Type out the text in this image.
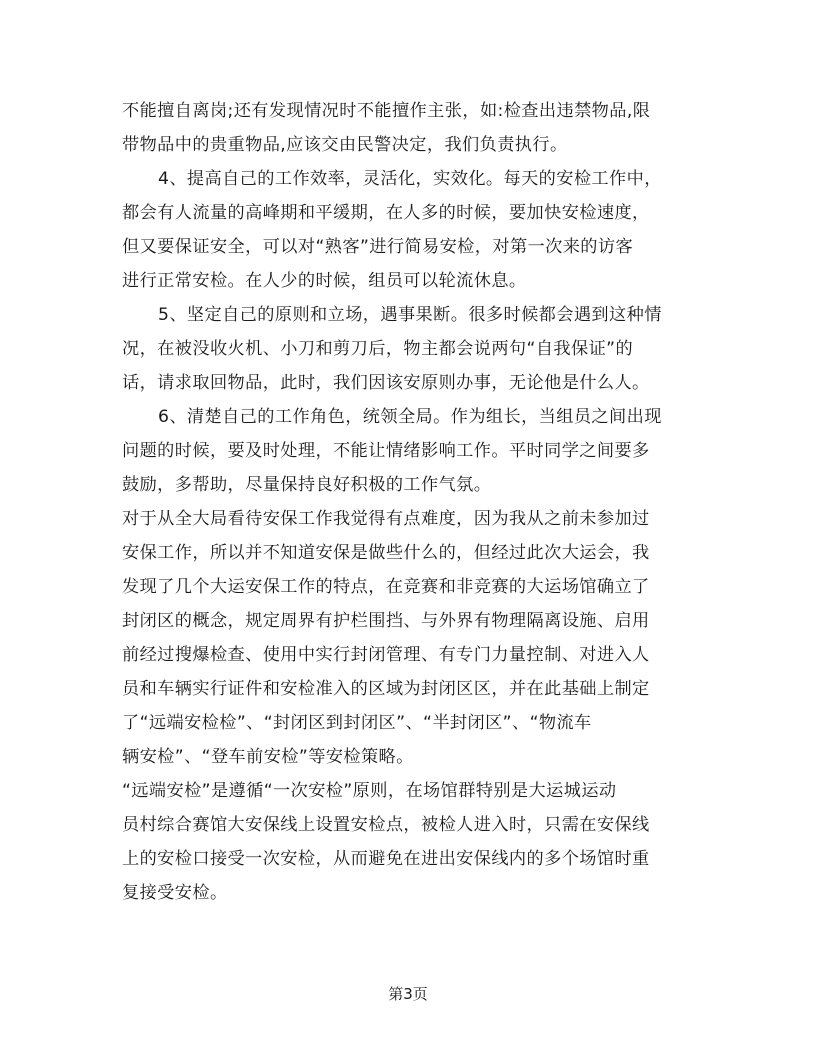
不能擅自离岗;还有发现情况时不能擅作主张，如:检查出违禁物品,限
带物品中的贵重物品,应该交由民警决定，我们负责执行。
4、提高自己的工作效率，灵活化，实效化。每天的安检工作中，
都会有人流量的高峰期和平缓期，在人多的时候，要加快安检速度，
但又要保证安全，可以对“熟客”进行简易安检，对第一次来的访客
进行正常安检。在人少的时候，组员可以轮流休息。
5、坚定自己的原则和立场，遇事果断。很多时候都会遇到这种情
况，在被没收火机、小刀和剪刀后，物主都会说两句“自我保证”的
话，请求取回物品，此时，我们因该安原则办事，无论他是什么人。
6、清楚自己的工作角色，统领全局。作为组长，当组员之间出现
问题的时候，要及时处理，不能让情绪影响工作。平时同学之间要多
鼓励，多帮助，尽量保持良好积极的工作气氛。
对于从全大局看待安保工作我觉得有点难度，因为我从之前未参加过
安保工作，所以并不知道安保是做些什么的，但经过此次大运会，我
发现了几个大运安保工作的特点，在竞赛和非竞赛的大运场馆确立了
封闭区的概念，规定周界有护栏围挡、与外界有物理隔离设施、启用
前经过搜爆检查、使用中实行封闭管理、有专门力量控制、对进入人
员和车辆实行证件和安检准入的区域为封闭区区，并在此基础上制定
了“远端安检检”、“封闭区到封闭区”、“半封闭区”、“物流车
辆安检”、“登车前安检”等安检策略。
“远端安检”是遵循“一次安检”原则，在场馆群特别是大运城运动
员村综合赛馆大安保线上设置安检点，被检人进入时，只需在安保线
上的安检口接受一次安检，从而避免在进出安保线内的多个场馆时重
复接受安检。
第3页
